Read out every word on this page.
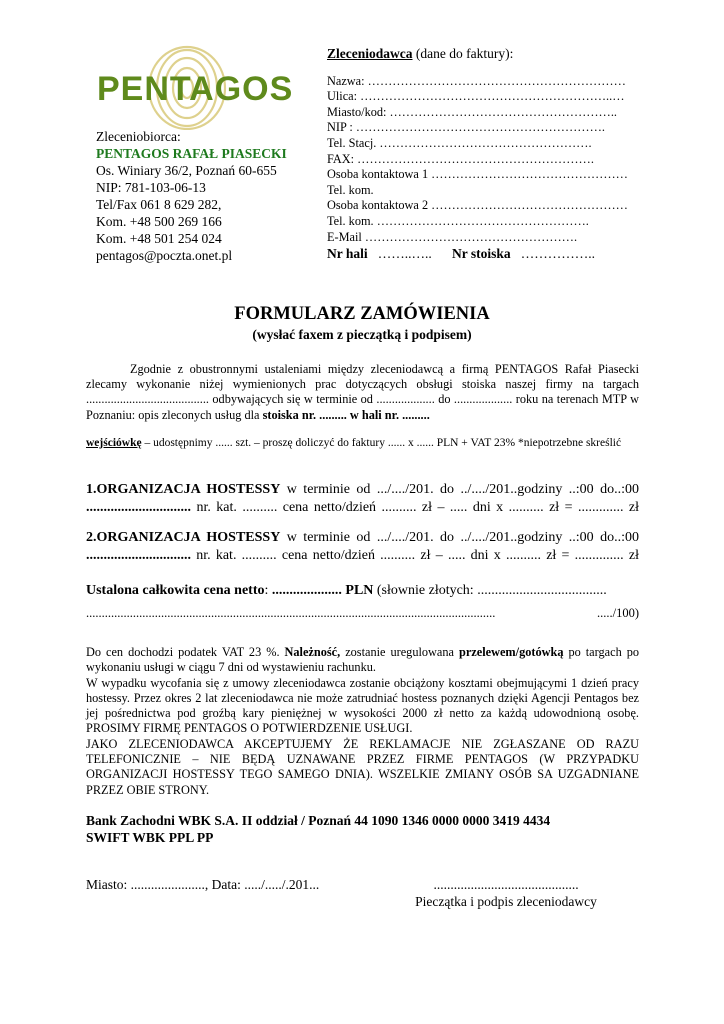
PENTAGOS
Zleceniobiorca:
PENTAGOS RAFAŁ PIASECKI
Os. Winiary 36/2, Poznań 60-655
NIP: 781-103-06-13
Tel/Fax 061 8 629 282,
Kom. +48 500 269 166
Kom. +48 501 254 024
pentagos@poczta.onet.pl
Zleceniodawca (dane do faktury):
Nazwa: ………………………………………………………
Ulica: ……………………………………………………..…
Miasto/kod: ………………………………………………..
NIP : …………………………………………………….
Tel. Stacj. …………………………………………….
FAX: ………………………………………………….
Osoba kontaktowa 1 …………………………………………
Tel. kom.
Osoba kontaktowa 2 …………………………………………
Tel. kom. …………………………………………….
E-Mail …………………………………………….
Nr hali ……..….. Nr stoiska ……………..
FORMULARZ ZAMÓWIENIA
(wysłać faxem z pieczątką i podpisem)
Zgodnie z obustronnymi ustaleniami między zleceniodawcą a firmą PENTAGOS Rafał Piasecki zlecamy wykonanie niżej wymienionych prac dotyczących obsługi stoiska naszej firmy na targach ........................................ odbywających się w terminie od ................... do ................... roku na terenach MTP w Poznaniu: opis zleconych usług dla stoiska nr. ......... w hali nr. .........
wejściówkę – udostępnimy ...... szt. – proszę doliczyć do faktury ...... x ...... PLN + VAT 23% *niepotrzebne skreślić
1.ORGANIZACJA HOSTESSY w terminie od .../..../201. do ../..../201..godziny ..:00 do..:00
.............................. nr. kat. .......... cena netto/dzień .......... zł – ..... dni x .......... zł = ............. zł
2.ORGANIZACJA HOSTESSY w terminie od .../..../201. do ../..../201..godziny ..:00 do..:00
.............................. nr. kat. .......... cena netto/dzień .......... zł – ..... dni x .......... zł = .............. zł
Ustalona całkowita cena netto: .................... PLN (słownie złotych: .....................................
................................................................................................................................... ...../100)
Do cen dochodzi podatek VAT 23 %. Należność, zostanie uregulowana przelewem/gotówką po targach po wykonaniu usługi w ciągu 7 dni od wystawieniu rachunku.
W wypadku wycofania się z umowy zleceniodawca zostanie obciążony kosztami obejmującymi 1 dzień pracy hostessy. Przez okres 2 lat zleceniodawca nie może zatrudniać hostess poznanych dzięki Agencji Pentagos bez jej pośrednictwa pod groźbą kary pieniężnej w wysokości 2000 zł netto za każdą udowodnioną osobę. PROSIMY FIRMĘ PENTAGOS O POTWIERDZENIE USŁUGI.
JAKO ZLECENIODAWCA AKCEPTUJEMY ŻE REKLAMACJE NIE ZGŁASZANE OD RAZU TELEFONICZNIE – NIE BĘDĄ UZNAWANE PRZEZ FIRME PENTAGOS (W PRZYPADKU ORGANIZACJI HOSTESSY TEGO SAMEGO DNIA). WSZELKIE ZMIANY OSÓB SA UZGADNIANE PRZEZ OBIE STRONY.
Bank Zachodni WBK S.A. II oddział / Poznań 44 1090 1346 0000 0000 3419 4434
SWIFT WBK PPL PP
Miasto: ......................, Data: ...../...../.201...	...........................................
Pieczątka i podpis zleceniodawcy
